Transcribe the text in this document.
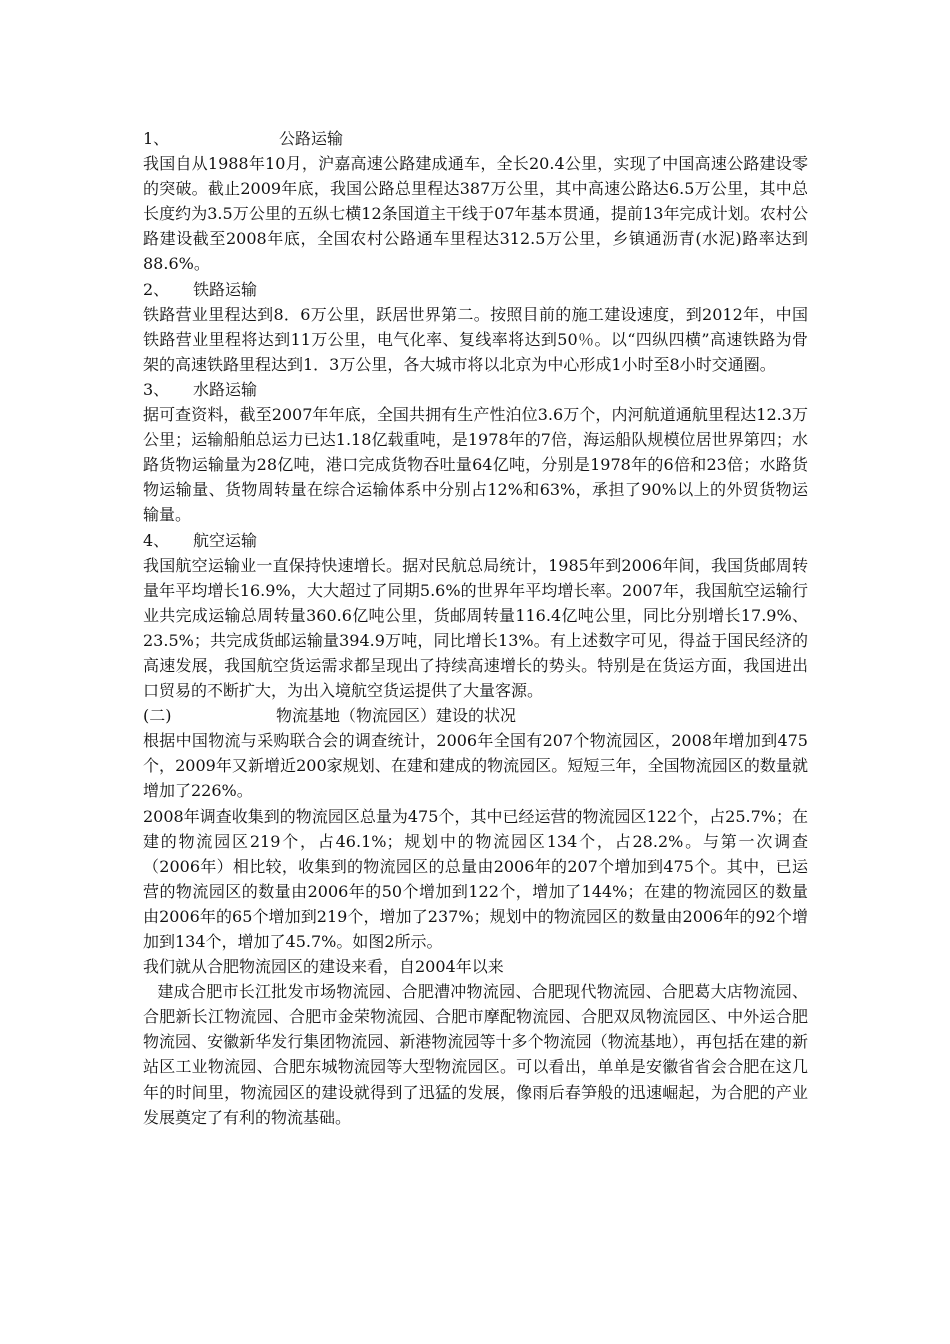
1、	公路运输

我国自从1988年10月，沪嘉高速公路建成通车，全长20.4公里，实现了中国高速公路建设零的突破。截止2009年底，我国公路总里程达387万公里，其中高速公路达6.5万公里，其中总长度约为3.5万公里的五纵七横12条国道主干线于07年基本贯通，提前13年完成计划。农村公路建设截至2008年底，全国农村公路通车里程达312.5万公里，乡镇通沥青(水泥)路率达到88.6%。

2、 铁路运输

铁路营业里程达到8．6万公里，跃居世界第二。按照目前的施工建设速度，到2012年，中国铁路营业里程将达到11万公里，电气化率、复线率将达到50％。以“四纵四横”高速铁路为骨架的高速铁路里程达到1．3万公里，各大城市将以北京为中心形成1小时至8小时交通圈。

3、 水路运输

据可查资料，截至2007年年底，全国共拥有生产性泊位3.6万个，内河航道通航里程达12.3万公里；运输船舶总运力已达1.18亿载重吨，是1978年的7倍，海运船队规模位居世界第四；水路货物运输量为28亿吨，港口完成货物吞吐量64亿吨，分别是1978年的6倍和23倍；水路货物运输量、货物周转量在综合运输体系中分别占12%和63%，承担了90%以上的外贸货物运输量。

4、 航空运输

我国航空运输业一直保持快速增长。据对民航总局统计，1985年到2006年间，我国货邮周转量年平均增长16.9%，大大超过了同期5.6%的世界年平均增长率。2007年，我国航空运输行业共完成运输总周转量360.6亿吨公里，货邮周转量116.4亿吨公里，同比分别增长17.9%、23.5%；共完成货邮运输量394.9万吨，同比增长13%。有上述数字可见，得益于国民经济的高速发展，我国航空货运需求都呈现出了持续高速增长的势头。特别是在货运方面，我国进出口贸易的不断扩大，为出入境航空货运提供了大量客源。

(二)	物流基地（物流园区）建设的状况

根据中国物流与采购联合会的调查统计，2006年全国有207个物流园区，2008年增加到475个，2009年又新增近200家规划、在建和建成的物流园区。短短三年，全国物流园区的数量就增加了226%。

2008年调查收集到的物流园区总量为475个，其中已经运营的物流园区122个，占25.7%；在建的物流园区219个，占46.1%；规划中的物流园区134个，占28.2%。与第一次调查（2006年）相比较，收集到的物流园区的总量由2006年的207个增加到475个。其中，已运营的物流园区的数量由2006年的50个增加到122个，增加了144%；在建的物流园区的数量由2006年的65个增加到219个，增加了237%；规划中的物流园区的数量由2006年的92个增加到134个，增加了45.7%。如图2所示。

我们就从合肥物流园区的建设来看，自2004年以来

建成合肥市长江批发市场物流园、合肥漕冲物流园、合肥现代物流园、合肥葛大店物流园、合肥新长江物流园、合肥市金荣物流园、合肥市摩配物流园、合肥双凤物流园区、中外运合肥物流园、安徽新华发行集团物流园、新港物流园等十多个物流园（物流基地），再包括在建的新站区工业物流园、合肥东城物流园等大型物流园区。可以看出，单单是安徽省省会合肥在这几年的时间里，物流园区的建设就得到了迅猛的发展，像雨后春笋般的迅速崛起，为合肥的产业发展奠定了有利的物流基础。
